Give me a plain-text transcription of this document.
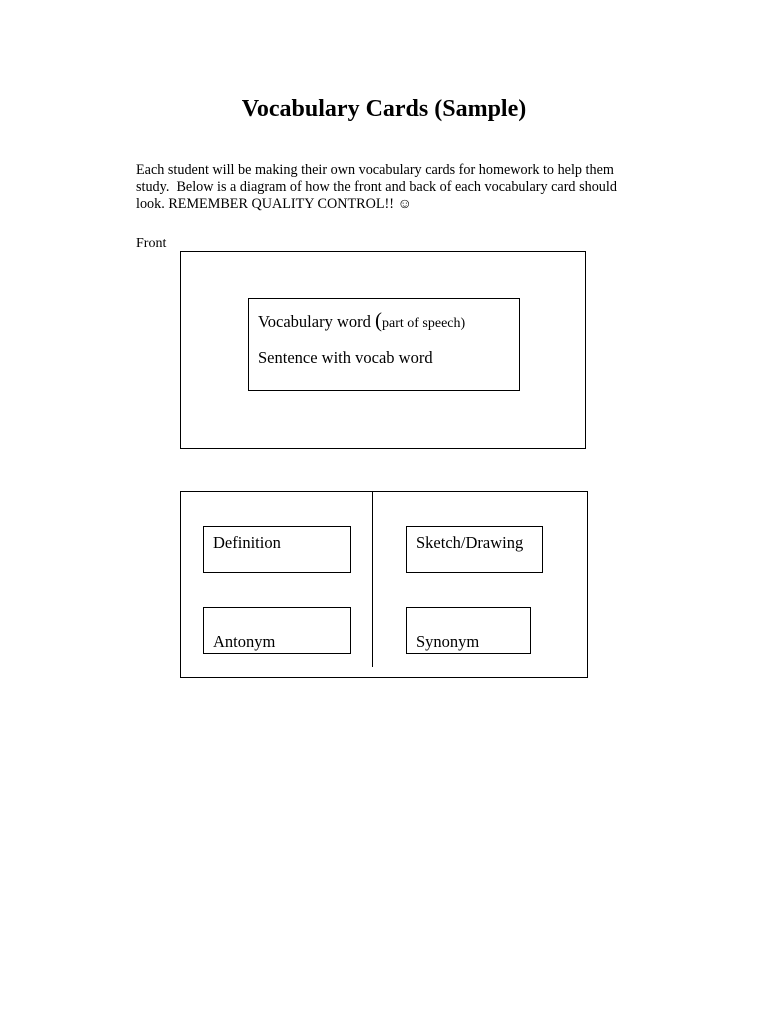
Vocabulary Cards (Sample)
Each student will be making their own vocabulary cards for homework to help them
study.  Below is a diagram of how the front and back of each vocabulary card should
look. REMEMBER QUALITY CONTROL!! ☺
Front
Vocabulary word (part of speech)
Sentence with vocab word
Definition	Sketch/Drawing
Antonym	Synonym
